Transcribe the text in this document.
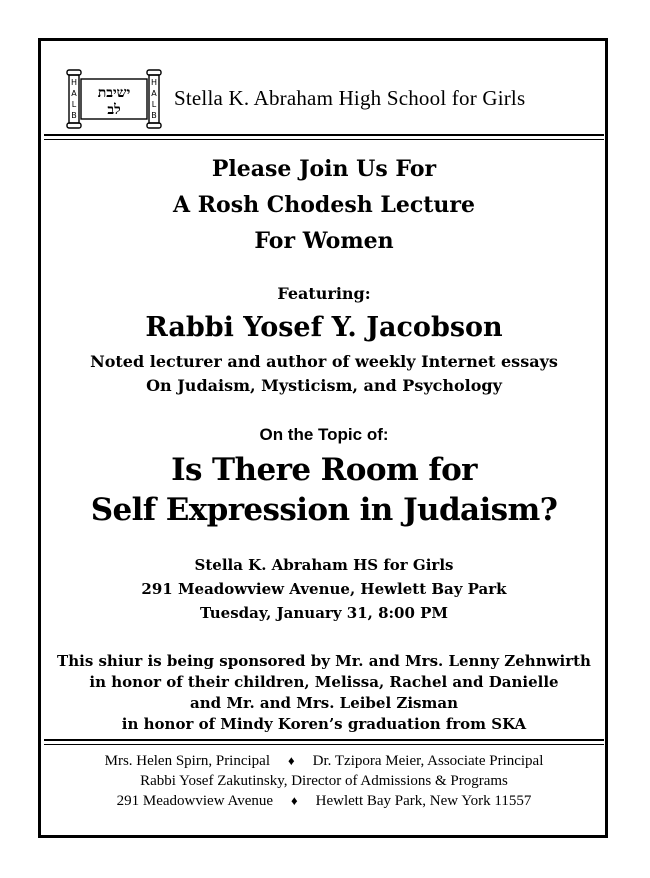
H
A
L
B
H
A
L
B
ישיבת
לב	Stella K. Abraham High School for Girls
Please Join Us For
A Rosh Chodesh Lecture
For Women
Featuring:
Rabbi Yosef Y. Jacobson
Noted lecturer and author of weekly Internet essays
On Judaism, Mysticism, and Psychology
On the Topic of:
Is There Room for
Self Expression in Judaism?
Stella K. Abraham HS for Girls
291 Meadowview Avenue, Hewlett Bay Park
Tuesday, January 31, 8:00 PM
This shiur is being sponsored by Mr. and Mrs. Lenny Zehnwirth
in honor of their children, Melissa, Rachel and Danielle
and Mr. and Mrs. Leibel Zisman
in honor of Mindy Koren’s graduation from SKA
Mrs. Helen Spirn, Principal ♦ Dr. Tzipora Meier, Associate Principal
Rabbi Yosef Zakutinsky, Director of Admissions & Programs
291 Meadowview Avenue ♦ Hewlett Bay Park, New York 11557
